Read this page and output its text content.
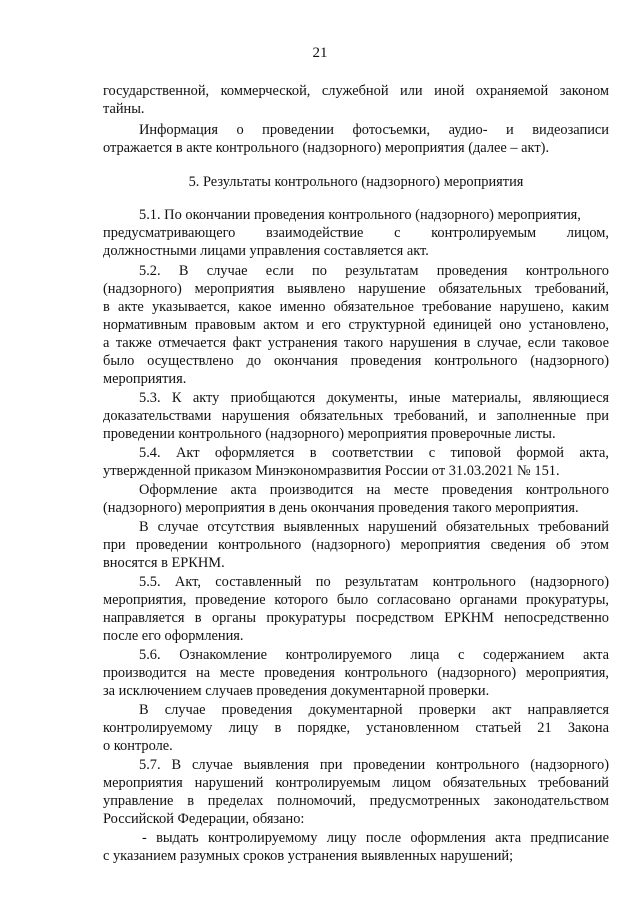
21
государственной, коммерческой, служебной или иной охраняемой законом
тайны.
Информация о проведении фотосъемки, аудио- и видеозаписи
отражается в акте контрольного (надзорного) мероприятия (далее – акт).
5. Результаты контрольного (надзорного) мероприятия
5.1. По окончании проведения контрольного (надзорного) мероприятия,
предусматривающего взаимодействие с контролируемым лицом,
должностными лицами управления составляется акт.
5.2. В случае если по результатам проведения контрольного
(надзорного) мероприятия выявлено нарушение обязательных требований,
в акте указывается, какое именно обязательное требование нарушено, каким
нормативным правовым актом и его структурной единицей оно установлено,
а также отмечается факт устранения такого нарушения в случае, если таковое
было осуществлено до окончания проведения контрольного (надзорного)
мероприятия.
5.3. К акту приобщаются документы, иные материалы, являющиеся
доказательствами нарушения обязательных требований, и заполненные при
проведении контрольного (надзорного) мероприятия проверочные листы.
5.4. Акт оформляется в соответствии с типовой формой акта,
утвержденной приказом Минэкономразвития России от 31.03.2021 № 151.
Оформление акта производится на месте проведения контрольного
(надзорного) мероприятия в день окончания проведения такого мероприятия.
В случае отсутствия выявленных нарушений обязательных требований
при проведении контрольного (надзорного) мероприятия сведения об этом
вносятся в ЕРКНМ.
5.5. Акт, составленный по результатам контрольного (надзорного)
мероприятия, проведение которого было согласовано органами прокуратуры,
направляется в органы прокуратуры посредством ЕРКНМ непосредственно
после его оформления.
5.6. Ознакомление контролируемого лица с содержанием акта
производится на месте проведения контрольного (надзорного) мероприятия,
за исключением случаев проведения документарной проверки.
В случае проведения документарной проверки акт направляется
контролируемому лицу в порядке, установленном статьей 21 Закона
о контроле.
5.7. В случае выявления при проведении контрольного (надзорного)
мероприятия нарушений контролируемым лицом обязательных требований
управление в пределах полномочий, предусмотренных законодательством
Российской Федерации, обязано:
- выдать контролируемому лицу после оформления акта предписание
с указанием разумных сроков устранения выявленных нарушений;
